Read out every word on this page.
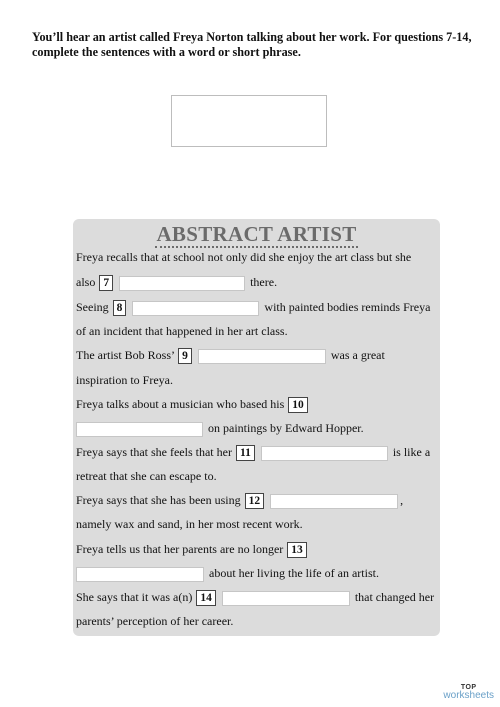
You’ll hear an artist called Freya Norton talking about her work. For questions 7-14, complete the sentences with a word or short phrase.
ABSTRACT ARTIST
Freya recalls that at school not only did she enjoy the art class but she
also 7	there.
Seeing 8	with painted bodies reminds Freya
of an incident that happened in her art class.
The artist Bob Ross’ 9	was a great
inspiration to Freya.
Freya talks about a musician who based his 10
on paintings by Edward Hopper.
Freya says that she feels that her 11	is like a
retreat that she can escape to.
Freya says that she has been using 12	,
namely wax and sand, in her most recent work.
Freya tells us that her parents are no longer 13
about her living the life of an artist.
She says that it was a(n) 14	that changed her
parents’ perception of her career.
TOP
worksheets
